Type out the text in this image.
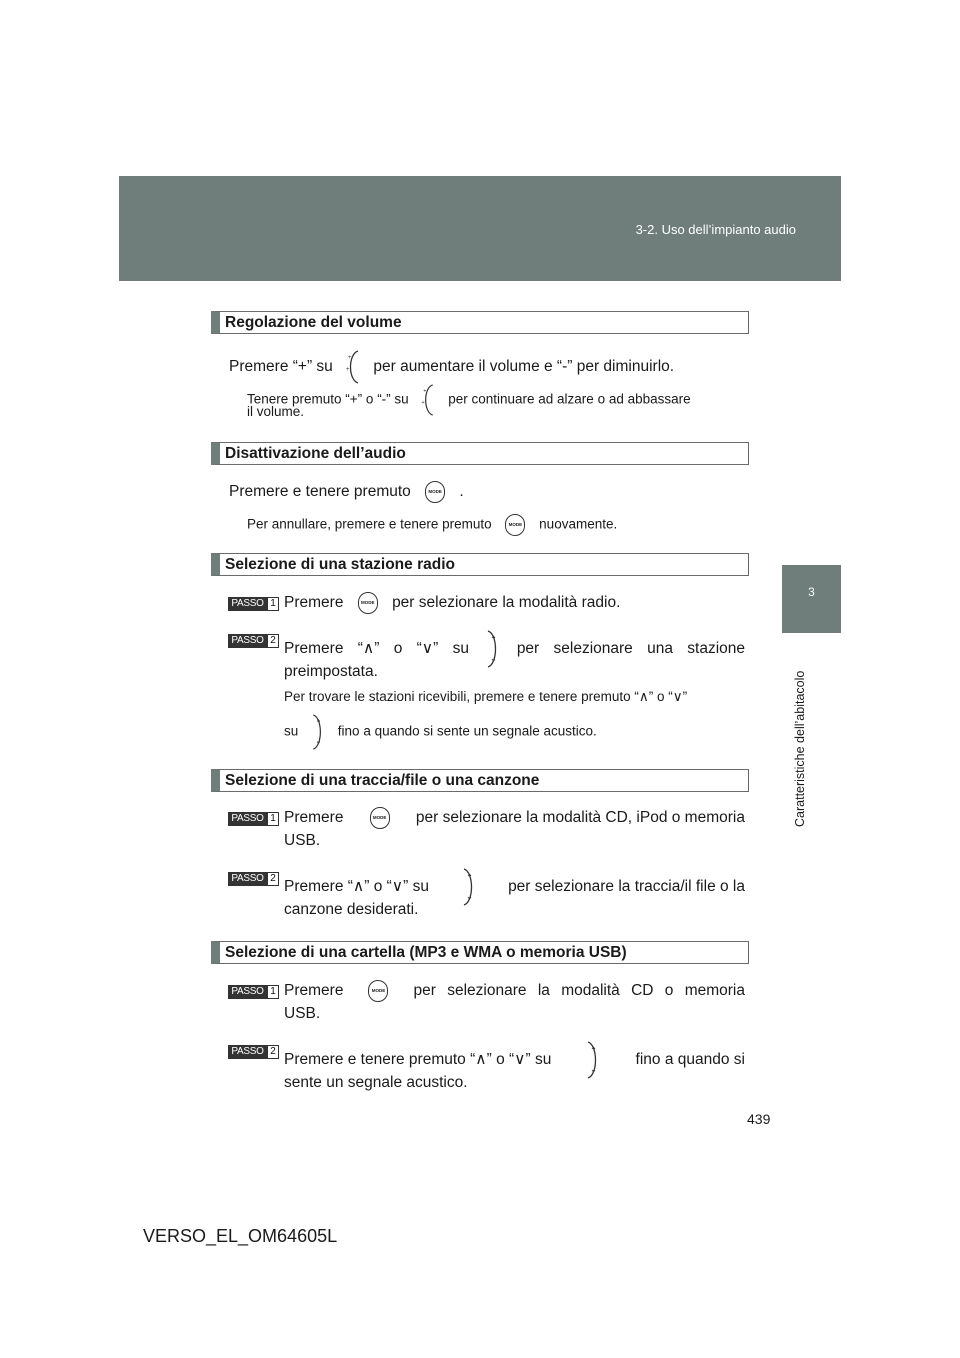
3-2. Uso dell’impianto audio
3
Caratteristiche dell’abitacolo
Regolazione del volume
Premere “+” su
+
+ per aumentare il volume e “-” per diminuirlo.
Tenere premuto “+” o “-” su
+
+ per continuare ad alzare o ad abbassare
il volume.
Disattivazione dell’audio
Premere e tenere premuto	MODE .
Per annullare, premere e tenere premuto	MODE nuovamente.
Selezione di una stazione radio
PASSO 1 Premere	MODE per selezionare la modalità radio.
PASSO 2 Premere “∧” o “∨” su	per selezionare una stazione
preimpostata.
Per trovare le stazioni ricevibili, premere e tenere premuto “∧” o “∨”
su	fino a quando si sente un segnale acustico.
Selezione di una traccia/file o una canzone
PASSO 1 Premere	MODE per selezionare la modalità CD, iPod o memoria
USB.
PASSO 2 Premere “∧” o “∨” su	per selezionare la traccia/il file o la
canzone desiderati.
Selezione di una cartella (MP3 e WMA o memoria USB)
PASSO 1 Premere	MODE per selezionare la modalità CD o memoria
USB.
PASSO 2 Premere e tenere premuto “∧” o “∨” su	fino a quando si
sente un segnale acustico.
439
VERSO_EL_OM64605L
